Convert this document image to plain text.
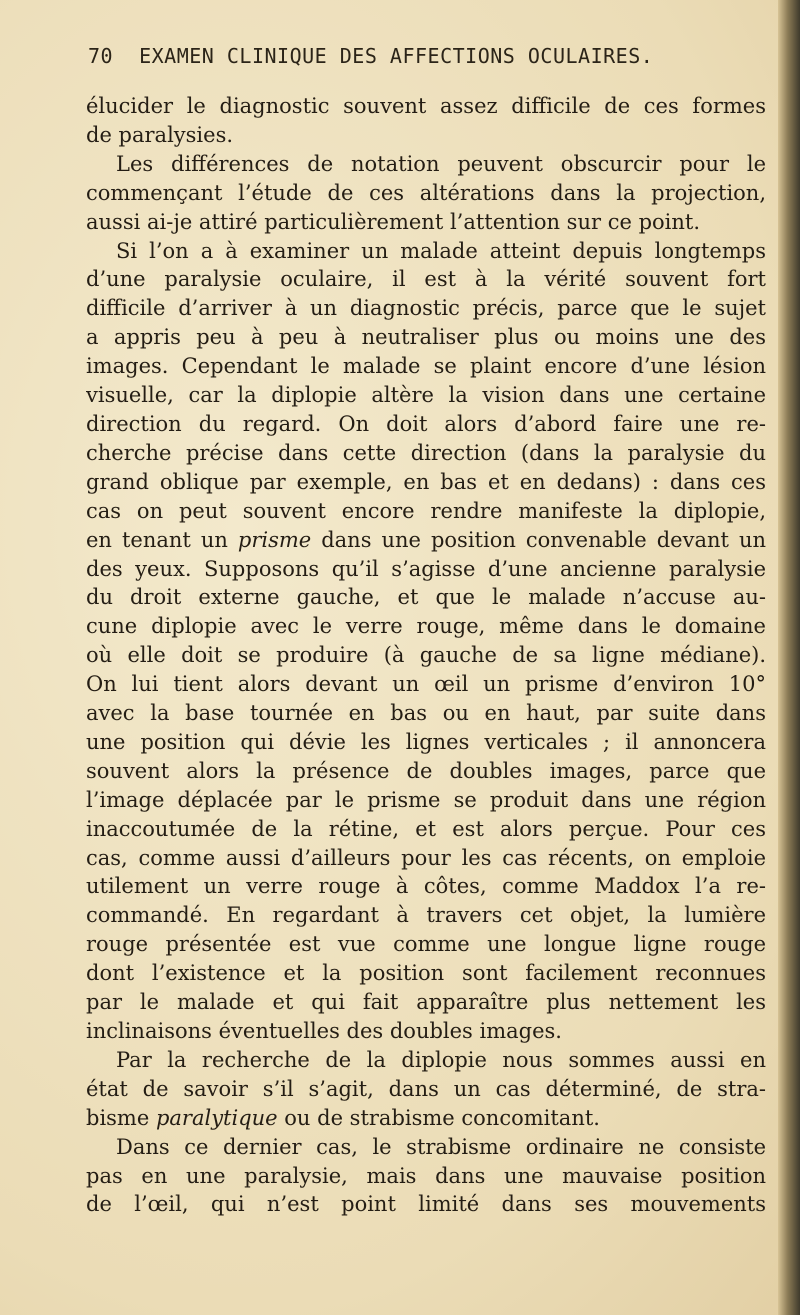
70 EXAMEN CLINIQUE DES AFFECTIONS OCULAIRES.
élucider le diagnostic souvent assez difficile de ces formes
de paralysies.
Les différences de notation peuvent obscurcir pour le
commençant l’étude de ces altérations dans la projection,
aussi ai-je attiré particulièrement l’attention sur ce point.
Si l’on a à examiner un malade atteint depuis longtemps
d’une paralysie oculaire, il est à la vérité souvent fort
difficile d’arriver à un diagnostic précis, parce que le sujet
a appris peu à peu à neutraliser plus ou moins une des
images. Cependant le malade se plaint encore d’une lésion
visuelle, car la diplopie altère la vision dans une certaine
direction du regard. On doit alors d’abord faire une re-
cherche précise dans cette direction (dans la paralysie du
grand oblique par exemple, en bas et en dedans) : dans ces
cas on peut souvent encore rendre manifeste la diplopie,
en tenant un prisme dans une position convenable devant un
des yeux. Supposons qu’il s’agisse d’une ancienne paralysie
du droit externe gauche, et que le malade n’accuse au-
cune diplopie avec le verre rouge, même dans le domaine
où elle doit se produire (à gauche de sa ligne médiane).
On lui tient alors devant un œil un prisme d’environ 10°
avec la base tournée en bas ou en haut, par suite dans
une position qui dévie les lignes verticales ; il annoncera
souvent alors la présence de doubles images, parce que
l’image déplacée par le prisme se produit dans une région
inaccoutumée de la rétine, et est alors perçue. Pour ces
cas, comme aussi d’ailleurs pour les cas récents, on emploie
utilement un verre rouge à côtes, comme Maddox l’a re-
commandé. En regardant à travers cet objet, la lumière
rouge présentée est vue comme une longue ligne rouge
dont l’existence et la position sont facilement reconnues
par le malade et qui fait apparaître plus nettement les
inclinaisons éventuelles des doubles images.
Par la recherche de la diplopie nous sommes aussi en
état de savoir s’il s’agit, dans un cas déterminé, de stra-
bisme paralytique ou de strabisme concomitant.
Dans ce dernier cas, le strabisme ordinaire ne consiste
pas en une paralysie, mais dans une mauvaise position
de l’œil, qui n’est point limité dans ses mouvements
